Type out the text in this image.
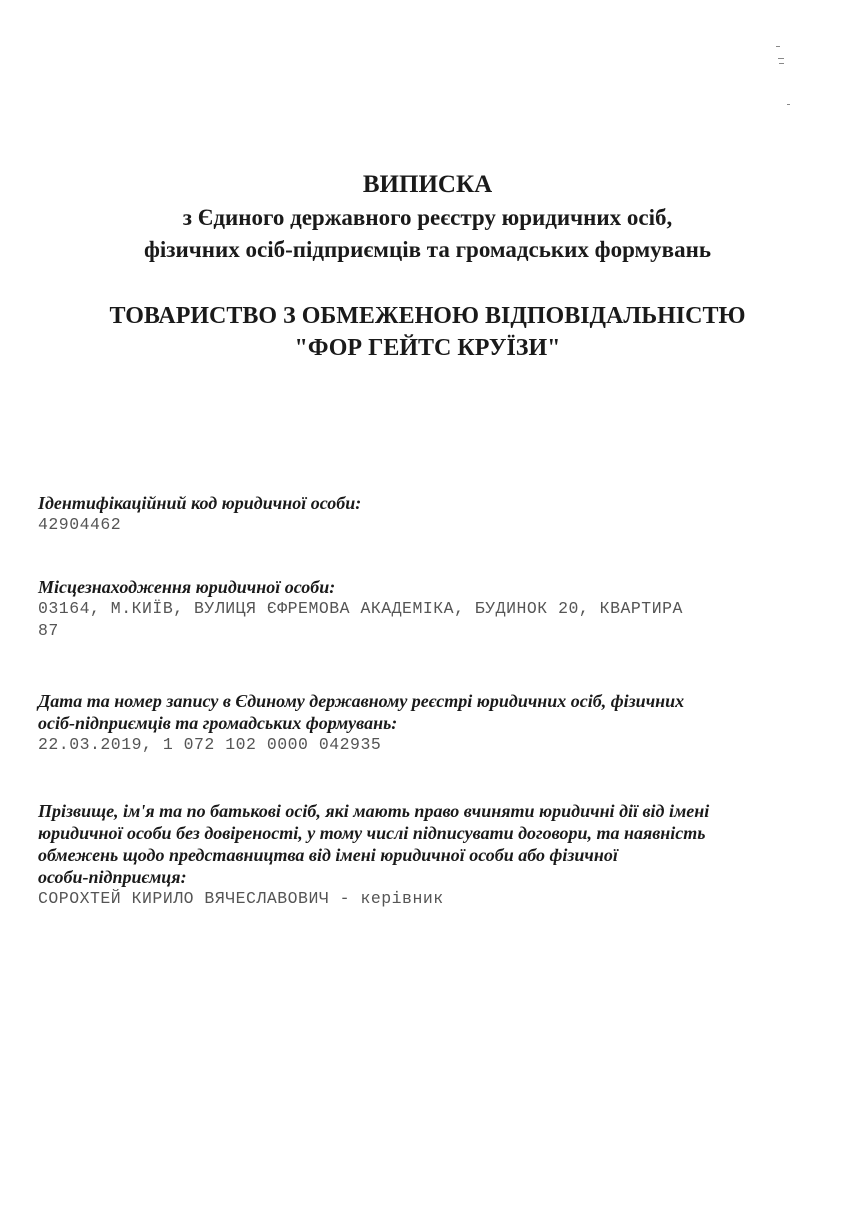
ВИПИСКА
з Єдиного державного реєстру юридичних осіб,
фізичних осіб-підприємців та громадських формувань
ТОВАРИСТВО З ОБМЕЖЕНОЮ ВІДПОВІДАЛЬНІСТЮ
"ФОР ГЕЙТС КРУЇЗИ"
Ідентифікаційний код юридичної особи:
42904462
Місцезнаходження юридичної особи:
03164, М.КИЇВ, ВУЛИЦЯ ЄФРЕМОВА АКАДЕМІКА, БУДИНОК 20, КВАРТИРА
87
Дата та номер запису в Єдиному державному реєстрі юридичних осіб, фізичних
осіб-підприємців та громадських формувань:
22.03.2019, 1 072 102 0000 042935
Прізвище, ім'я та по батькові осіб, які мають право вчиняти юридичні дії від імені
юридичної особи без довіреності, у тому числі підписувати договори, та наявність
обмежень щодо представництва від імені юридичної особи або фізичної
особи-підприємця:
СОРОХТЕЙ КИРИЛО ВЯЧЕСЛАВОВИЧ - керівник
